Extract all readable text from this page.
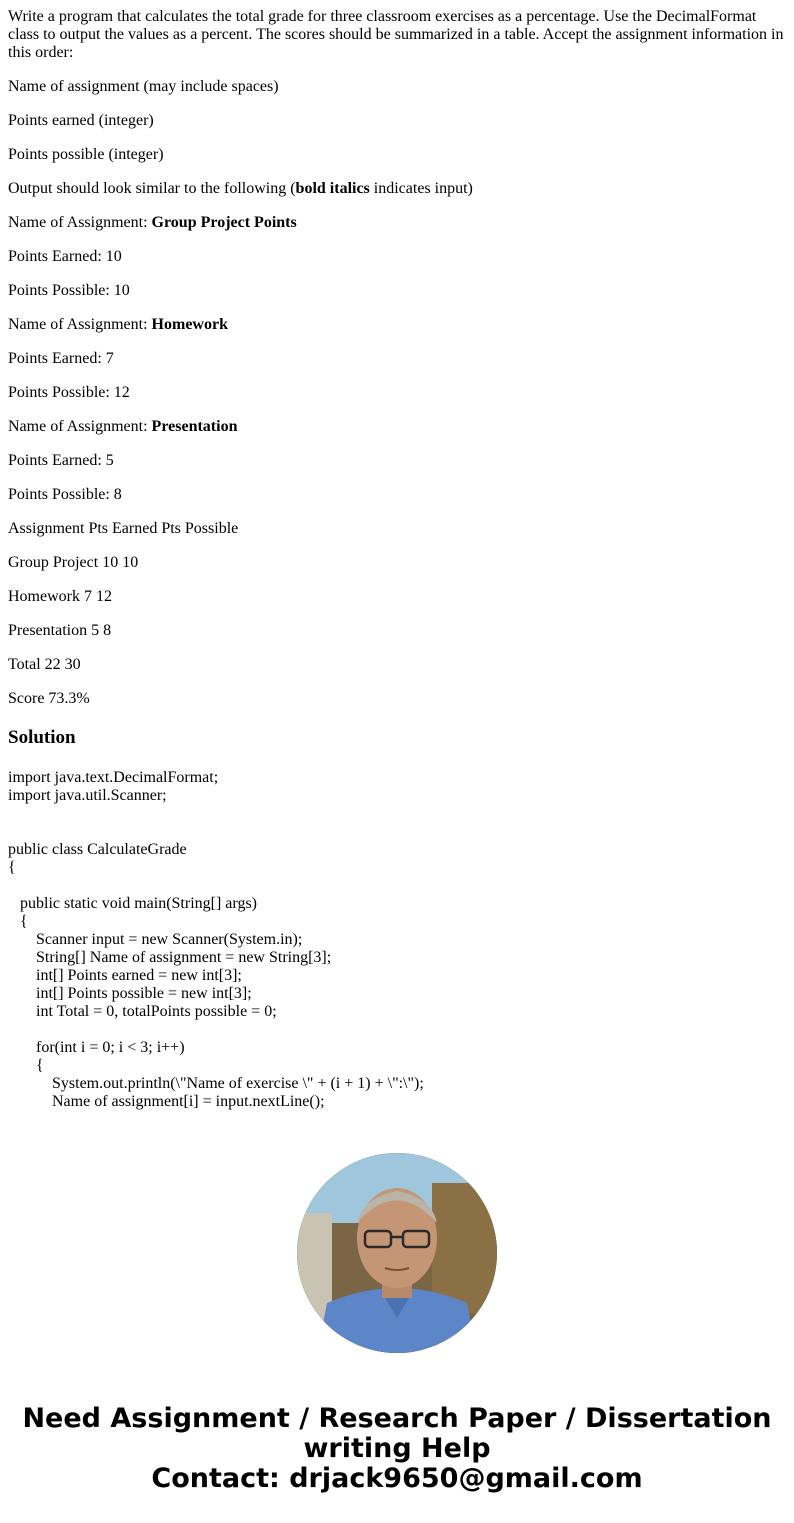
Write a program that calculates the total grade for three classroom exercises as a percentage. Use the DecimalFormat class to output the values as a percent. The scores should be summarized in a table. Accept the assignment information in this order:

Name of assignment (may include spaces)

Points earned (integer)

Points possible (integer)

Output should look similar to the following (bold italics indicates input)

Name of Assignment: Group Project Points

Points Earned: 10

Points Possible: 10

Name of Assignment: Homework

Points Earned: 7

Points Possible: 12

Name of Assignment: Presentation

Points Earned: 5

Points Possible: 8

Assignment Pts Earned Pts Possible

Group Project 10 10

Homework 7 12

Presentation 5 8

Total 22 30

Score 73.3%

Solution
import java.text.DecimalFormat;
import java.util.Scanner;
public class CalculateGrade
{
public static void main(String[] args)
{
Scanner input = new Scanner(System.in);
String[] Name of assignment = new String[3];
int[] Points earned = new int[3];
int[] Points possible = new int[3];
int Total = 0, totalPoints possible = 0;
for(int i = 0; i < 3; i++)
{
System.out.println(\"Name of exercise \" + (i + 1) + \":\");
Name of assignment[i] = input.nextLine();
Need Assignment / Research Paper / Dissertation
writing Help
Contact: drjack9650@gmail.com
